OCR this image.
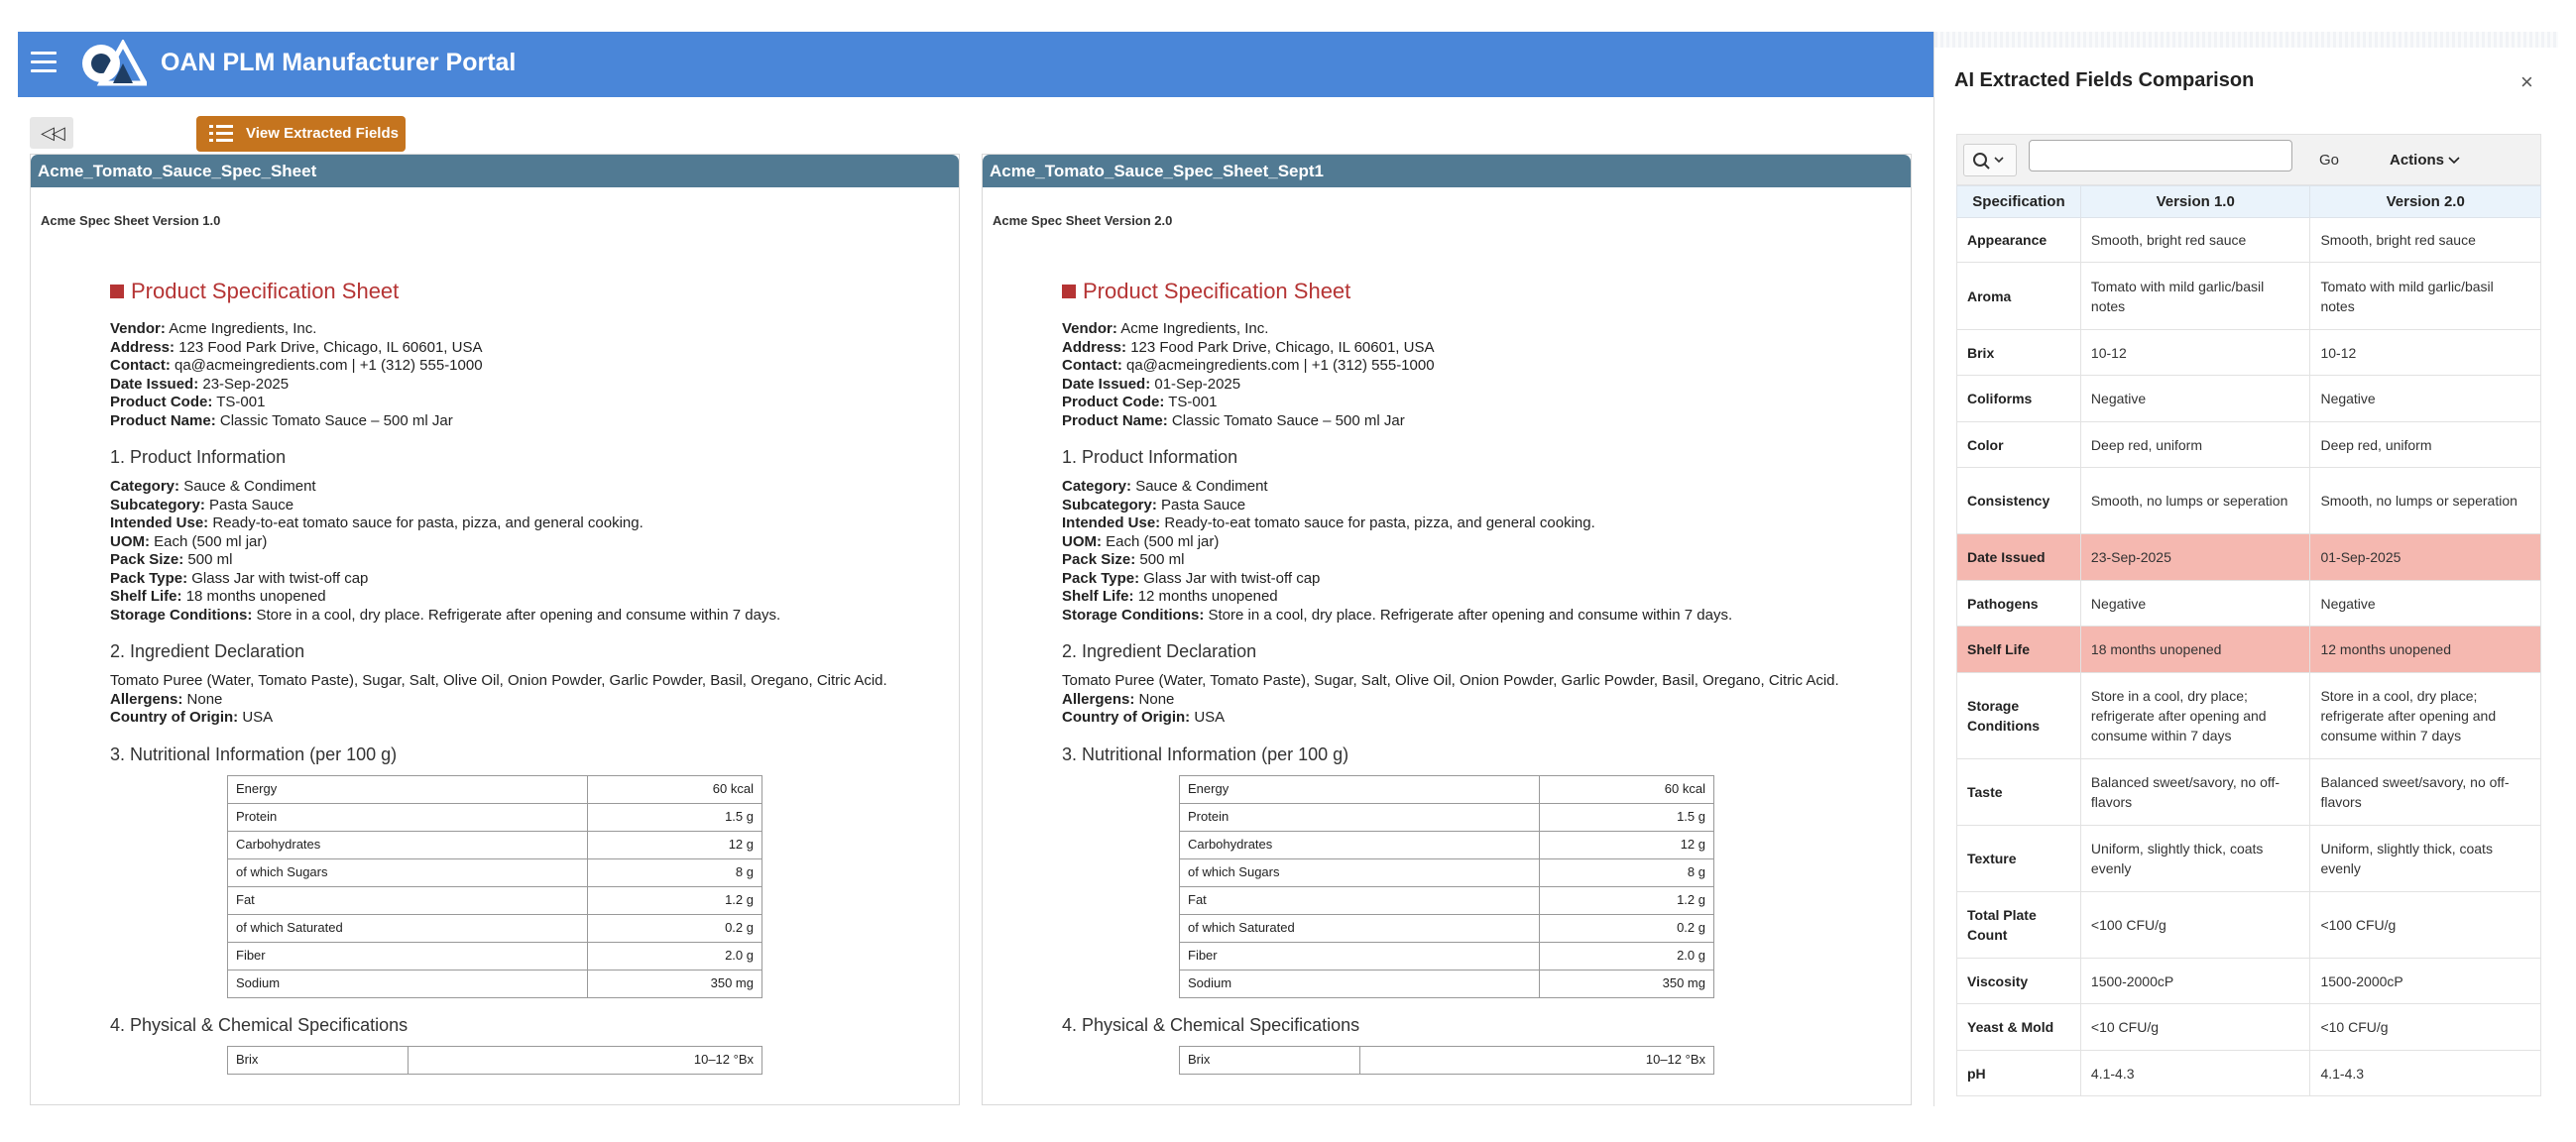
OAN PLM Manufacturer Portal
◁◁	View Extracted Fields
Acme_Tomato_Sauce_Spec_Sheet
Acme Spec Sheet Version 1.0
Product Specification Sheet
Vendor: Acme Ingredients, Inc.
Address: 123 Food Park Drive, Chicago, IL 60601, USA
Contact: qa@acmeingredients.com | +1 (312) 555-1000
Date Issued: 23-Sep-2025
Product Code: TS-001
Product Name: Classic Tomato Sauce – 500 ml Jar
1. Product Information
Category: Sauce & Condiment
Subcategory: Pasta Sauce
Intended Use: Ready-to-eat tomato sauce for pasta, pizza, and general cooking.
UOM: Each (500 ml jar)
Pack Size: 500 ml
Pack Type: Glass Jar with twist-off cap
Shelf Life: 18 months unopened
Storage Conditions: Store in a cool, dry place. Refrigerate after opening and consume within 7 days.
2. Ingredient Declaration
Tomato Puree (Water, Tomato Paste), Sugar, Salt, Olive Oil, Onion Powder, Garlic Powder, Basil, Oregano, Citric Acid.
Allergens: None
Country of Origin: USA
3. Nutritional Information (per 100 g)
Energy	60 kcal
Protein	1.5 g
Carbohydrates	12 g
of which Sugars	8 g
Fat	1.2 g
of which Saturated	0.2 g
Fiber	2.0 g
Sodium	350 mg
4. Physical & Chemical Specifications
Brix	10–12 °Bx
Acme_Tomato_Sauce_Spec_Sheet_Sept1
Acme Spec Sheet Version 2.0
Product Specification Sheet
Vendor: Acme Ingredients, Inc.
Address: 123 Food Park Drive, Chicago, IL 60601, USA
Contact: qa@acmeingredients.com | +1 (312) 555-1000
Date Issued: 01-Sep-2025
Product Code: TS-001
Product Name: Classic Tomato Sauce – 500 ml Jar
1. Product Information
Category: Sauce & Condiment
Subcategory: Pasta Sauce
Intended Use: Ready-to-eat tomato sauce for pasta, pizza, and general cooking.
UOM: Each (500 ml jar)
Pack Size: 500 ml
Pack Type: Glass Jar with twist-off cap
Shelf Life: 12 months unopened
Storage Conditions: Store in a cool, dry place. Refrigerate after opening and consume within 7 days.
2. Ingredient Declaration
Tomato Puree (Water, Tomato Paste), Sugar, Salt, Olive Oil, Onion Powder, Garlic Powder, Basil, Oregano, Citric Acid.
Allergens: None
Country of Origin: USA
3. Nutritional Information (per 100 g)
Energy	60 kcal
Protein	1.5 g
Carbohydrates	12 g
of which Sugars	8 g
Fat	1.2 g
of which Saturated	0.2 g
Fiber	2.0 g
Sodium	350 mg
4. Physical & Chemical Specifications
Brix	10–12 °Bx
AI Extracted Fields Comparison	×
Go	Actions
Specification	Version 1.0	Version 2.0
Appearance	Smooth, bright red sauce	Smooth, bright red sauce
Aroma	Tomato with mild garlic/basil notes	Tomato with mild garlic/basil notes
Brix	10-12	10-12
Coliforms	Negative	Negative
Color	Deep red, uniform	Deep red, uniform
Consistency	Smooth, no lumps or seperation	Smooth, no lumps or seperation
Date Issued	23-Sep-2025	01-Sep-2025
Pathogens	Negative	Negative
Shelf Life	18 months unopened	12 months unopened
Storage Conditions	Store in a cool, dry place; refrigerate after opening and consume within 7 days	Store in a cool, dry place; refrigerate after opening and consume within 7 days
Taste	Balanced sweet/savory, no off-flavors	Balanced sweet/savory, no off-flavors
Texture	Uniform, slightly thick, coats evenly	Uniform, slightly thick, coats evenly
Total Plate Count	<100 CFU/g	<100 CFU/g
Viscosity	1500-2000cP	1500-2000cP
Yeast & Mold	<10 CFU/g	<10 CFU/g
pH	4.1-4.3	4.1-4.3
